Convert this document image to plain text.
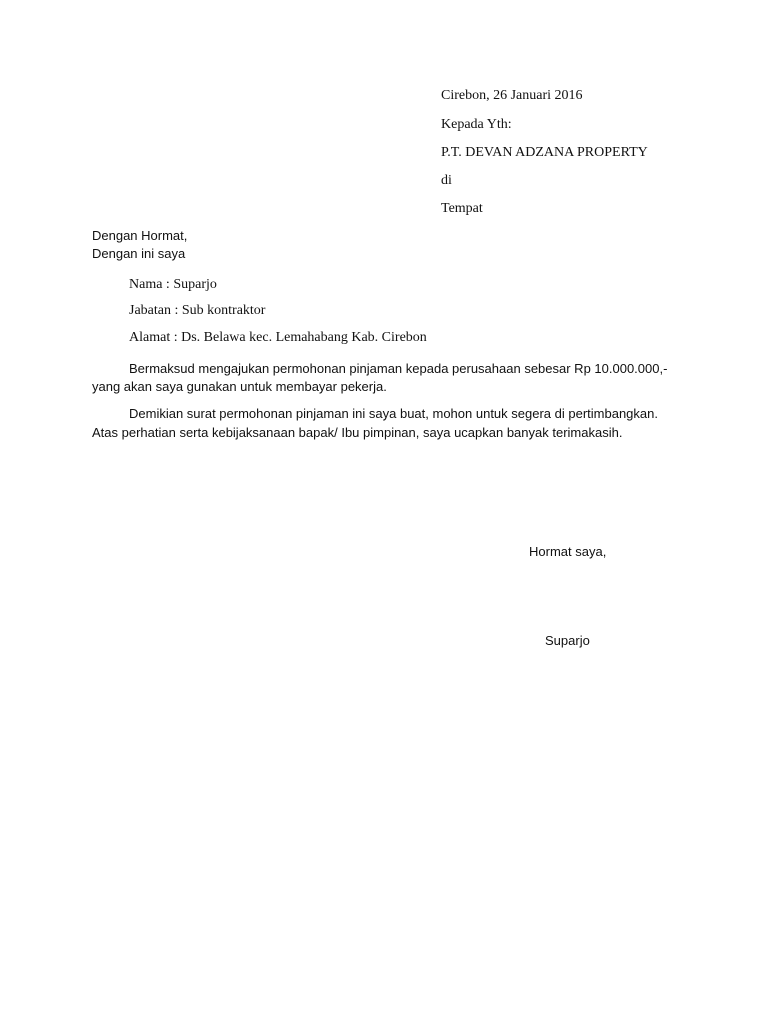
Cirebon, 26 Januari 2016
Kepada Yth:
P.T. DEVAN ADZANA PROPERTY
di
Tempat
Dengan Hormat,
Dengan ini saya
Nama : Suparjo
Jabatan : Sub kontraktor
Alamat : Ds. Belawa kec. Lemahabang Kab. Cirebon
Bermaksud mengajukan permohonan pinjaman kepada perusahaan sebesar Rp 10.000.000,-
yang akan saya gunakan untuk membayar pekerja.
Demikian surat permohonan pinjaman ini saya buat, mohon untuk segera di pertimbangkan.
Atas perhatian serta kebijaksanaan bapak/ Ibu pimpinan, saya ucapkan banyak terimakasih.
Hormat saya,
Suparjo
